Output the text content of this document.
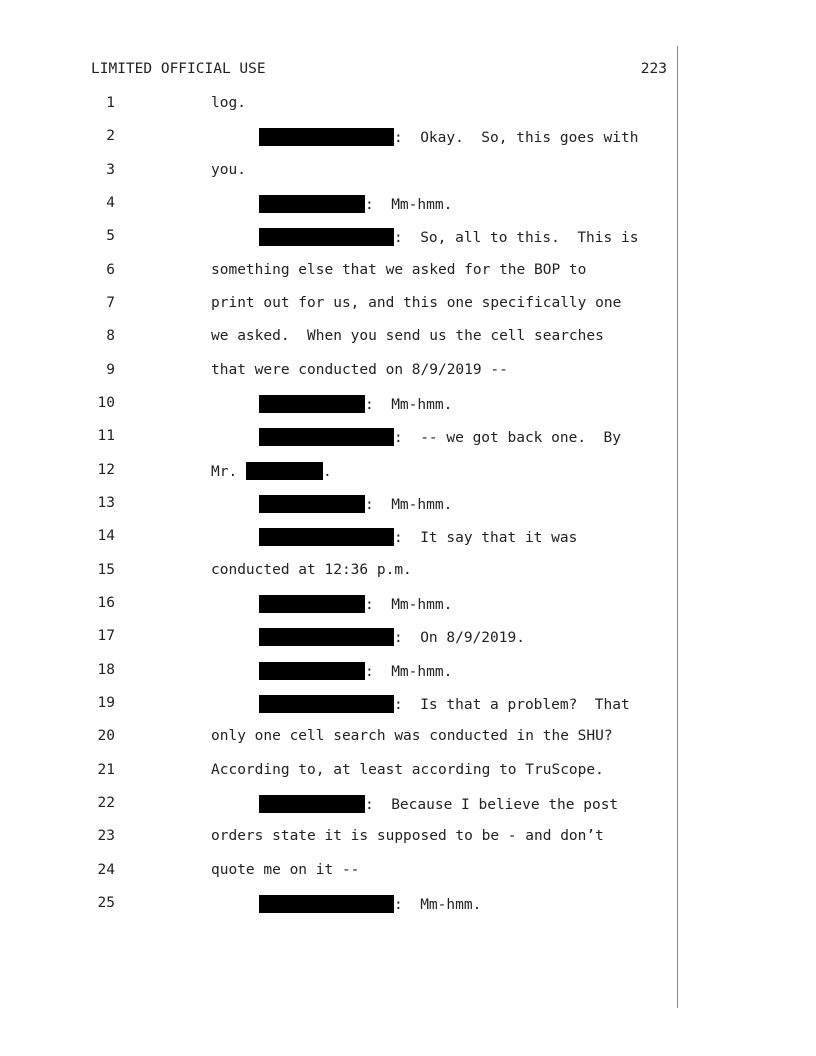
LIMITED OFFICIAL USE	223
1	log.
2	:  Okay.  So, this goes with
3	you.
4	:  Mm-hmm.
5	:  So, all to this.  This is
6	something else that we asked for the BOP to
7	print out for us, and this one specifically one
8	we asked.  When you send us the cell searches
9	that were conducted on 8/9/2019 --
10	:  Mm-hmm.
11	:  -- we got back one.  By
12	Mr.	.
13	:  Mm-hmm.
14	:  It say that it was
15	conducted at 12:36 p.m.
16	:  Mm-hmm.
17	:  On 8/9/2019.
18	:  Mm-hmm.
19	:  Is that a problem?  That
20	only one cell search was conducted in the SHU?
21	According to, at least according to TruScope.
22	:  Because I believe the post
23	orders state it is supposed to be - and don’t
24	quote me on it --
25	:  Mm-hmm.
